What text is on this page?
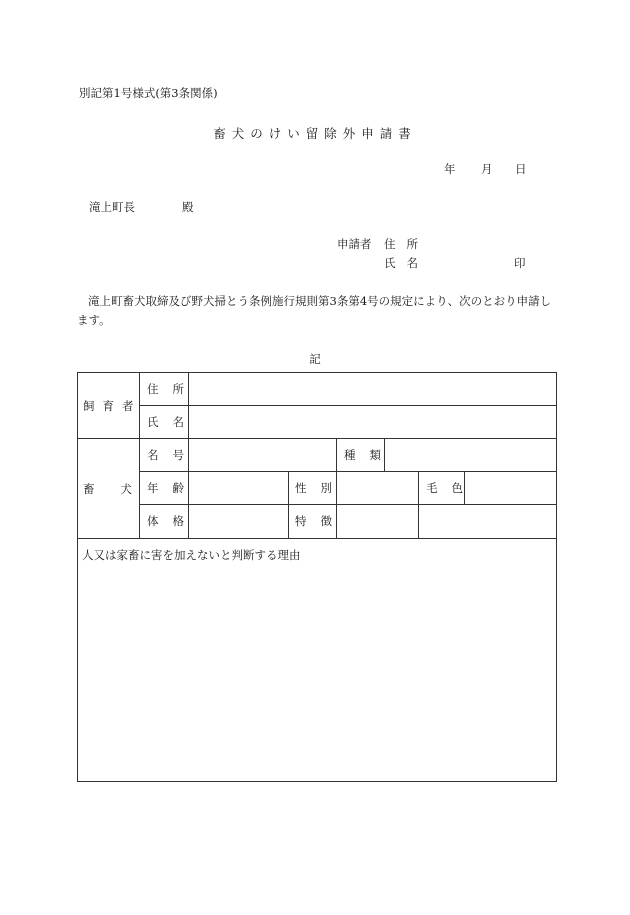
別記第1号様式(第3条関係)
畜犬のけい留除外申請書
年 月 日
滝上町長	殿
申請者 住所
氏名	印
滝上町畜犬取締及び野犬掃とう条例施行規則第3条第4号の規定により、次のとおり申請します。
記
飼育者
住所
氏名
畜犬
名号	種類
年齢	性別	毛色
体格	特徴
人又は家畜に害を加えないと判断する理由
